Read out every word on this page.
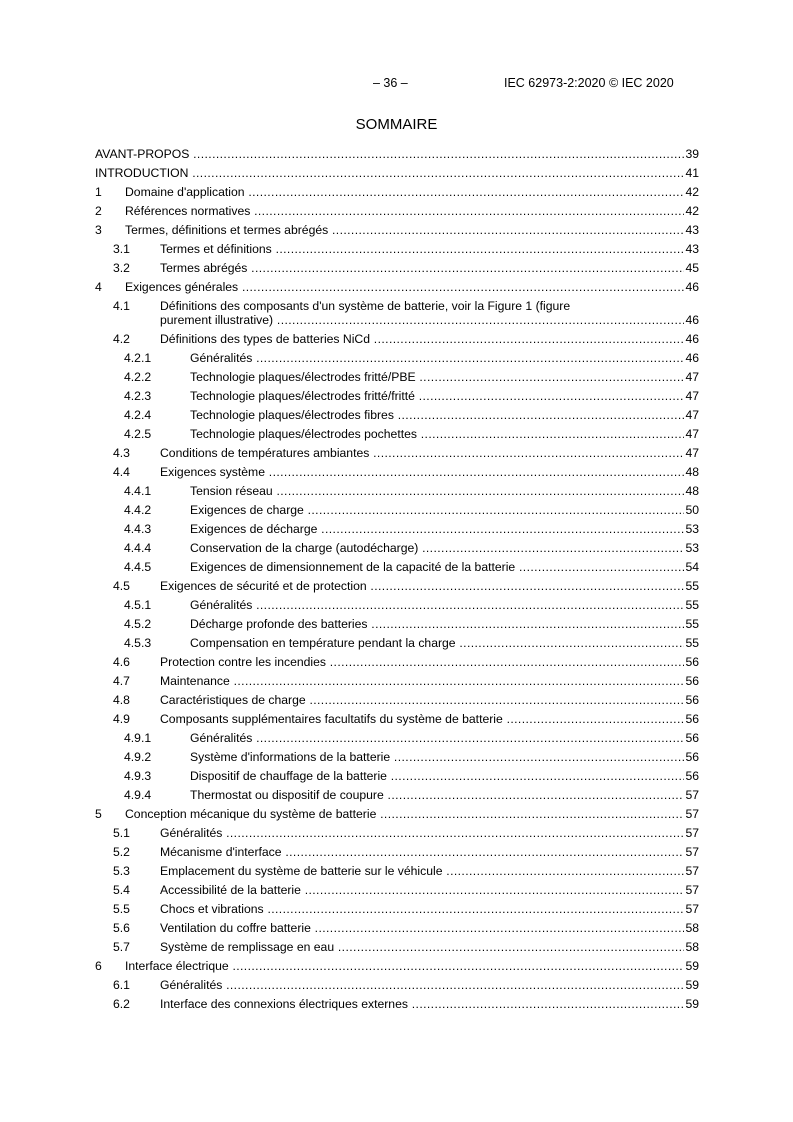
– 36 –	IEC 62973-2:2020 © IEC 2020
SOMMAIRE
AVANT-PROPOS .....	39
INTRODUCTION .....	41
1 Domaine d'application .....	42
2 Références normatives .....	42
3 Termes, définitions et termes abrégés .....	43
3.1 Termes et définitions .....	43
3.2 Termes abrégés .....	45
4 Exigences générales .....	46
4.1 Définitions des composants d'un système de batterie, voir la Figure 1 (figure
purement illustrative) .....	46
4.2 Définitions des types de batteries NiCd .....	46
4.2.1	Généralités .....	46
4.2.2	Technologie plaques/électrodes fritté/PBE .....	47
4.2.3	Technologie plaques/électrodes fritté/fritté .....	47
4.2.4	Technologie plaques/électrodes fibres .....	47
4.2.5	Technologie plaques/électrodes pochettes .....	47
4.3 Conditions de températures ambiantes .....	47
4.4 Exigences système .....	48
4.4.1	Tension réseau .....	48
4.4.2	Exigences de charge .....	50
4.4.3	Exigences de décharge .....	53
4.4.4	Conservation de la charge (autodécharge) .....	53
4.4.5	Exigences de dimensionnement de la capacité de la batterie .....	54
4.5 Exigences de sécurité et de protection .....	55
4.5.1	Généralités .....	55
4.5.2	Décharge profonde des batteries .....	55
4.5.3	Compensation en température pendant la charge .....	55
4.6 Protection contre les incendies .....	56
4.7 Maintenance .....	56
4.8 Caractéristiques de charge .....	56
4.9 Composants supplémentaires facultatifs du système de batterie .....	56
4.9.1	Généralités .....	56
4.9.2	Système d'informations de la batterie .....	56
4.9.3	Dispositif de chauffage de la batterie .....	56
4.9.4	Thermostat ou dispositif de coupure .....	57
5 Conception mécanique du système de batterie .....	57
5.1 Généralités .....	57
5.2 Mécanisme d'interface .....	57
5.3 Emplacement du système de batterie sur le véhicule .....	57
5.4 Accessibilité de la batterie .....	57
5.5 Chocs et vibrations .....	57
5.6 Ventilation du coffre batterie .....	58
5.7 Système de remplissage en eau .....	58
6 Interface électrique .....	59
6.1 Généralités .....	59
6.2 Interface des connexions électriques externes .....	59
